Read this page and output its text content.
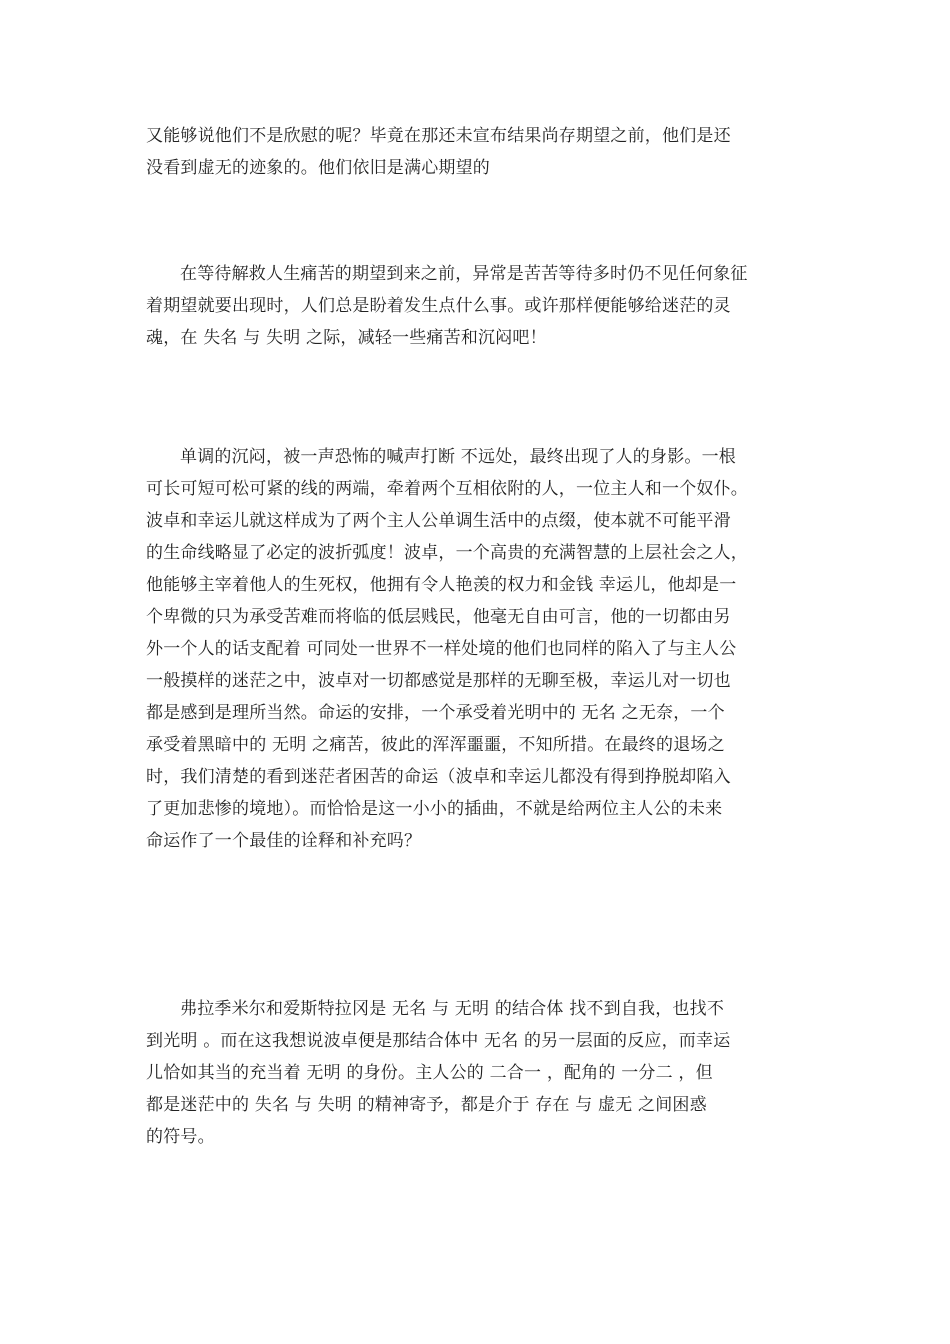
又能够说他们不是欣慰的呢？毕竟在那还未宣布结果尚存期望之前，他们是还
没看到虚无的迹象的。他们依旧是满心期望的

在等待解救人生痛苦的期望到来之前，异常是苦苦等待多时仍不见任何象征
着期望就要出现时，人们总是盼着发生点什么事。或许那样便能够给迷茫的灵
魂，在 失名 与 失明 之际，减轻一些痛苦和沉闷吧！

单调的沉闷，被一声恐怖的喊声打断 不远处，最终出现了人的身影。一根
可长可短可松可紧的线的两端，牵着两个互相依附的人，一位主人和一个奴仆。
波卓和幸运儿就这样成为了两个主人公单调生活中的点缀，使本就不可能平滑
的生命线略显了必定的波折弧度！波卓，一个高贵的充满智慧的上层社会之人，
他能够主宰着他人的生死权，他拥有令人艳羡的权力和金钱 幸运儿，他却是一
个卑微的只为承受苦难而将临的低层贱民，他毫无自由可言，他的一切都由另
外一个人的话支配着 可同处一世界不一样处境的他们也同样的陷入了与主人公
一般摸样的迷茫之中，波卓对一切都感觉是那样的无聊至极，幸运儿对一切也
都是感到是理所当然。命运的安排，一个承受着光明中的 无名 之无奈，一个
承受着黑暗中的 无明 之痛苦，彼此的浑浑噩噩，不知所措。在最终的退场之
时，我们清楚的看到迷茫者困苦的命运（波卓和幸运儿都没有得到挣脱却陷入
了更加悲惨的境地）。而恰恰是这一小小的插曲，不就是给两位主人公的未来
命运作了一个最佳的诠释和补充吗？

弗拉季米尔和爱斯特拉冈是 无名 与 无明 的结合体 找不到自我，也找不
到光明 。而在这我想说波卓便是那结合体中 无名 的另一层面的反应，而幸运
儿恰如其当的充当着 无明 的身份。主人公的 二合一 ，配角的 一分二 ，但
都是迷茫中的 失名 与 失明 的精神寄予，都是介于 存在 与 虚无 之间困惑
的符号。
